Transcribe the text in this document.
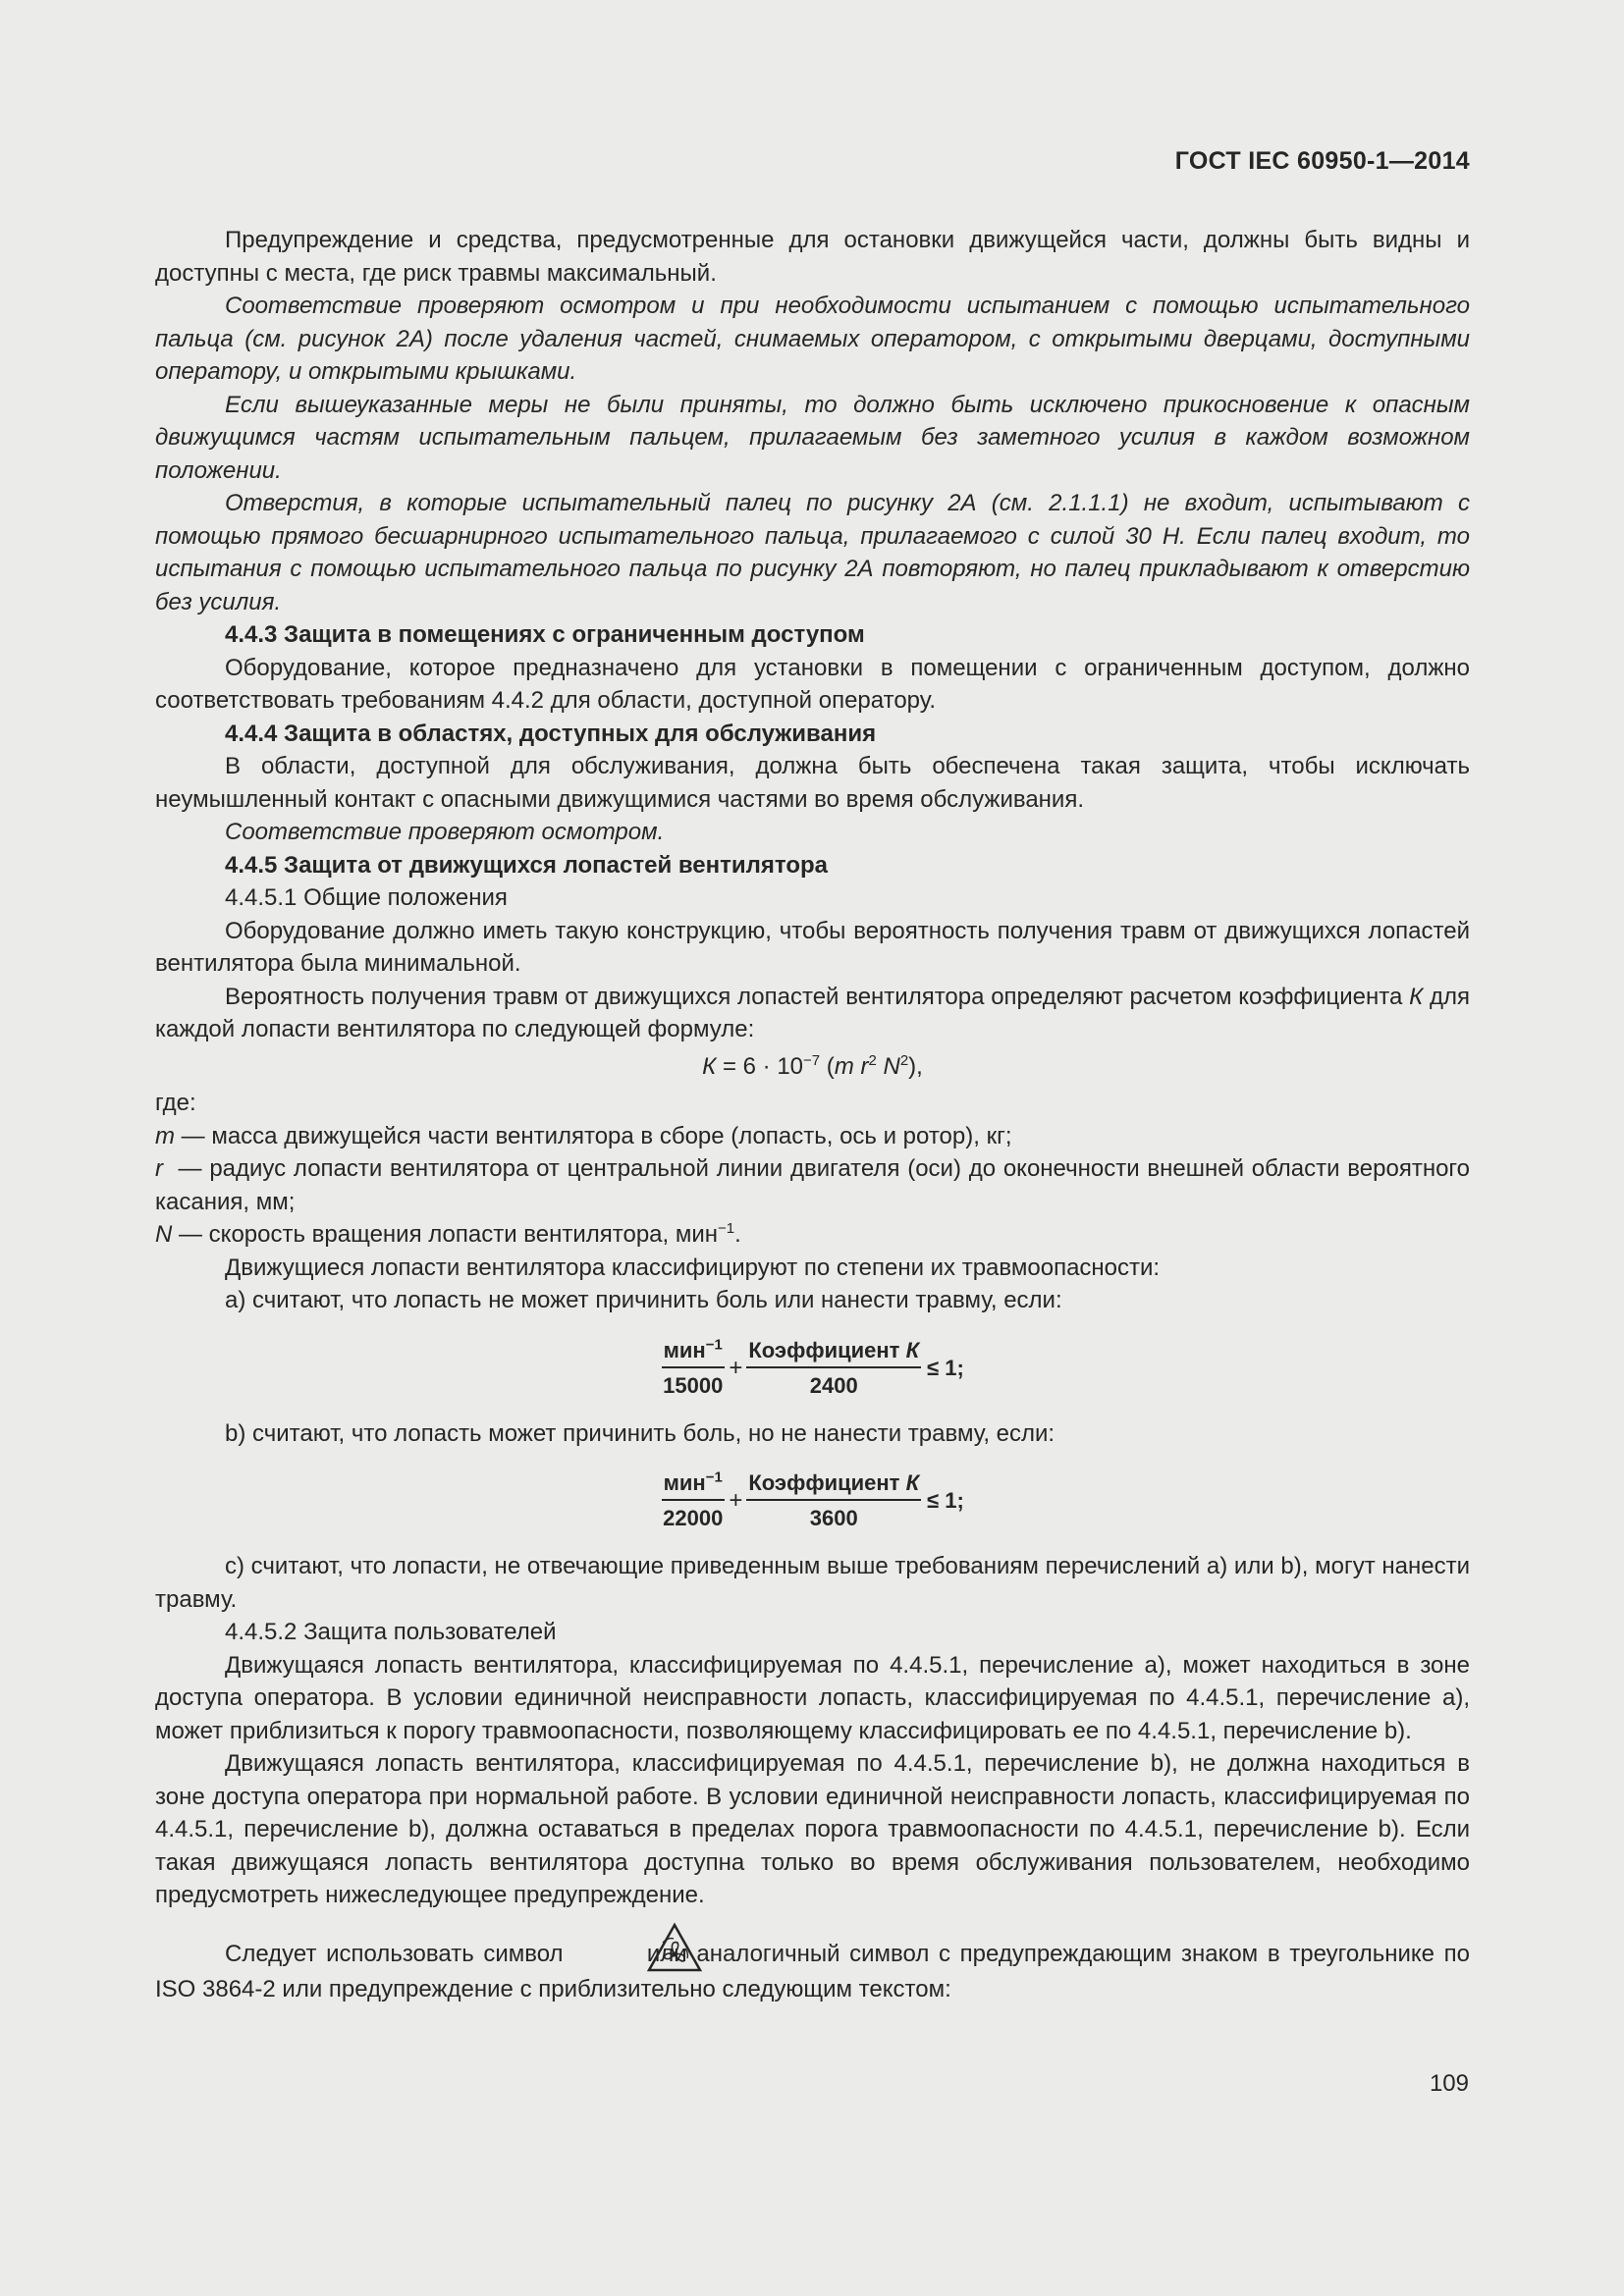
ГОСТ IEC 60950-1—2014

Предупреждение и средства, предусмотренные для остановки движущейся части, должны быть видны и доступны с места, где риск травмы максимальный.

Соответствие проверяют осмотром и при необходимости испытанием с помощью испытательного пальца (см. рисунок 2А) после удаления частей, снимаемых оператором, с открытыми дверцами, доступными оператору, и открытыми крышками.

Если вышеуказанные меры не были приняты, то должно быть исключено прикосновение к опасным движущимся частям испытательным пальцем, прилагаемым без заметного усилия в каждом возможном положении.

Отверстия, в которые испытательный палец по рисунку 2А (см. 2.1.1.1) не входит, испытывают с помощью прямого бесшарнирного испытательного пальца, прилагаемого с силой 30 Н. Если палец входит, то испытания с помощью испытательного пальца по рисунку 2А повторяют, но палец прикладывают к отверстию без усилия.

4.4.3 Защита в помещениях с ограниченным доступом

Оборудование, которое предназначено для установки в помещении с ограниченным доступом, должно соответствовать требованиям 4.4.2 для области, доступной оператору.

4.4.4 Защита в областях, доступных для обслуживания

В области, доступной для обслуживания, должна быть обеспечена такая защита, чтобы исключать неумышленный контакт с опасными движущимися частями во время обслуживания.

Соответствие проверяют осмотром.

4.4.5 Защита от движущихся лопастей вентилятора

4.4.5.1 Общие положения

Оборудование должно иметь такую конструкцию, чтобы вероятность получения травм от движущихся лопастей вентилятора была минимальной.

Вероятность получения травм от движущихся лопастей вентилятора определяют расчетом коэффициента К для каждой лопасти вентилятора по следующей формуле:

$К = 6 \cdot 10^{-7}$ (m $r^2$ $N^2$),

где:

m — масса движущейся части вентилятора в сборе (лопасть, ось и ротор), кг;

r  — радиус лопасти вентилятора от центральной линии двигателя (оси) до оконечности внешней области вероятного касания, мм;

N — скорость вращения лопасти вентилятора, мин$^{-1}$.

Движущиеся лопасти вентилятора классифицируют по степени их травмоопасности:

а) считают, что лопасть не может причинить боль или нанести травму, если:

$\frac{мин^{-1}}{15000} + \frac{\text{Коэффициент К}}{2400} \le 1$;

b) считают, что лопасть может причинить боль, но не нанести травму, если:

$\frac{мин^{-1}}{22000} + \frac{\text{Коэффициент К}}{3600} \le 1$;

с) считают, что лопасти, не отвечающие приведенным выше требованиям перечислений а) или b), могут нанести травму.

4.4.5.2 Защита пользователей

Движущаяся лопасть вентилятора, классифицируемая по 4.4.5.1, перечисление а), может находиться в зоне доступа оператора. В условии единичной неисправности лопасть, классифицируемая по 4.4.5.1, перечисление а), может приблизиться к порогу травмоопасности, позволяющему классифицировать ее по 4.4.5.1, перечисление b).

Движущаяся лопасть вентилятора, классифицируемая по 4.4.5.1, перечисление b), не должна находиться в зоне доступа оператора при нормальной работе. В условии единичной неисправности лопасть, классифицируемая по 4.4.5.1, перечисление b), должна оставаться в пределах порога травмоопасности по 4.4.5.1, перечисление b). Если такая движущаяся лопасть вентилятора доступна только во время обслуживания пользователем, необходимо предусмотреть нижеследующее предупреждение.

Следует использовать символ	или аналогичный символ с предупреждающим знаком в треугольнике по ISO 3864-2 или предупреждение с приблизительно следующим текстом:

109
